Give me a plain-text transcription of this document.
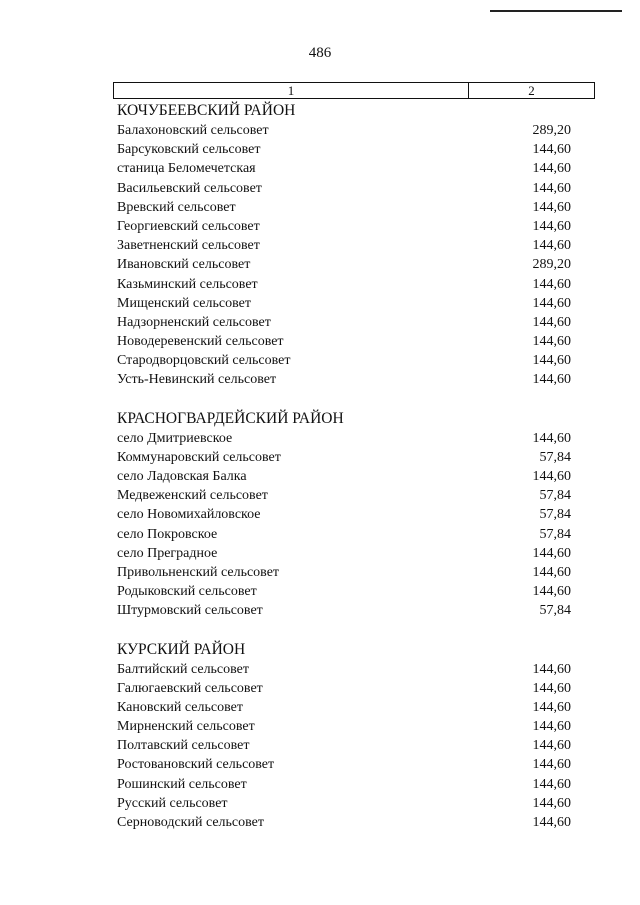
486
1	2
КОЧУБЕЕВСКИЙ РАЙОН
Балахоновский сельсовет	289,20
Барсуковский сельсовет	144,60
станица Беломечетская	144,60
Васильевский сельсовет	144,60
Вревский сельсовет	144,60
Георгиевский сельсовет	144,60
Заветненский сельсовет	144,60
Ивановский сельсовет	289,20
Казьминский сельсовет	144,60
Мищенский сельсовет	144,60
Надзорненский сельсовет	144,60
Новодеревенский сельсовет	144,60
Стародворцовский сельсовет	144,60
Усть-Невинский сельсовет	144,60
КРАСНОГВАРДЕЙСКИЙ РАЙОН
село Дмитриевское	144,60
Коммунаровский сельсовет	57,84
село Ладовская Балка	144,60
Медвеженский сельсовет	57,84
село Новомихайловское	57,84
село Покровское	57,84
село Преградное	144,60
Привольненский сельсовет	144,60
Родыковский сельсовет	144,60
Штурмовский сельсовет	57,84
КУРСКИЙ РАЙОН
Балтийский сельсовет	144,60
Галюгаевский сельсовет	144,60
Кановский сельсовет	144,60
Мирненский сельсовет	144,60
Полтавский сельсовет	144,60
Ростовановский сельсовет	144,60
Рошинский сельсовет	144,60
Русский сельсовет	144,60
Серноводский сельсовет	144,60
